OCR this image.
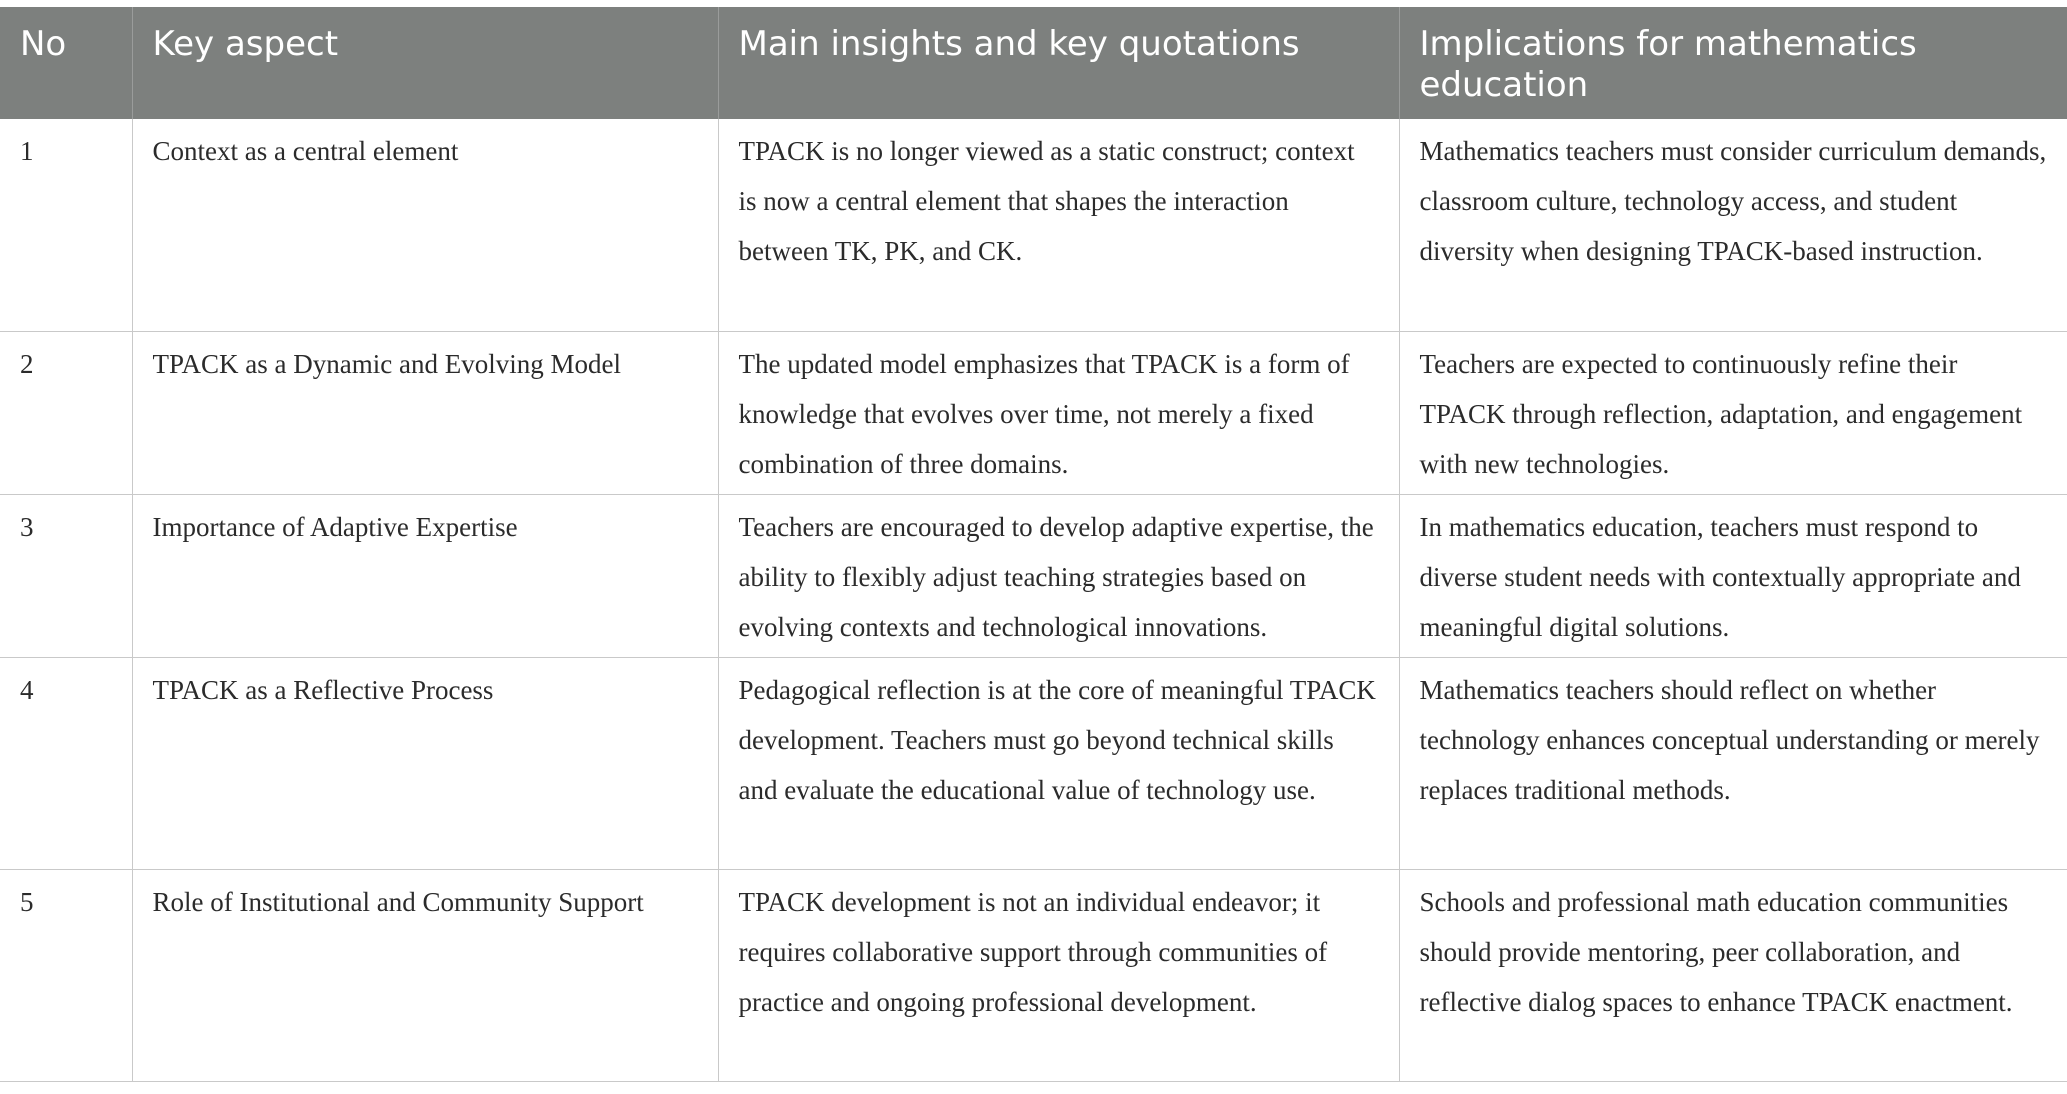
No	Key aspect	Main insights and key quotations	Implications for mathematics education
1	Context as a central element	TPACK is no longer viewed as a static construct; context is now a central element that shapes the interaction between TK, PK, and CK.	Mathematics teachers must consider curriculum demands, classroom culture, technology access, and student diversity when designing TPACK-based instruction.
2	TPACK as a Dynamic and Evolving Model	The updated model emphasizes that TPACK is a form of knowledge that evolves over time, not merely a fixed combination of three domains.	Teachers are expected to continuously refine their TPACK through reflection, adaptation, and engagement with new technologies.
3	Importance of Adaptive Expertise	Teachers are encouraged to develop adaptive expertise, the ability to flexibly adjust teaching strategies based on evolving contexts and technological innovations.	In mathematics education, teachers must respond to diverse student needs with contextually appropriate and meaningful digital solutions.
4	TPACK as a Reflective Process	Pedagogical reflection is at the core of meaningful TPACK development. Teachers must go beyond technical skills and evaluate the educational value of technology use.	Mathematics teachers should reflect on whether technology enhances conceptual understanding or merely replaces traditional methods.
5	Role of Institutional and Community Support	TPACK development is not an individual endeavor; it requires collaborative support through communities of practice and ongoing professional development.	Schools and professional math education communities should provide mentoring, peer collaboration, and reflective dialog spaces to enhance TPACK enactment.
